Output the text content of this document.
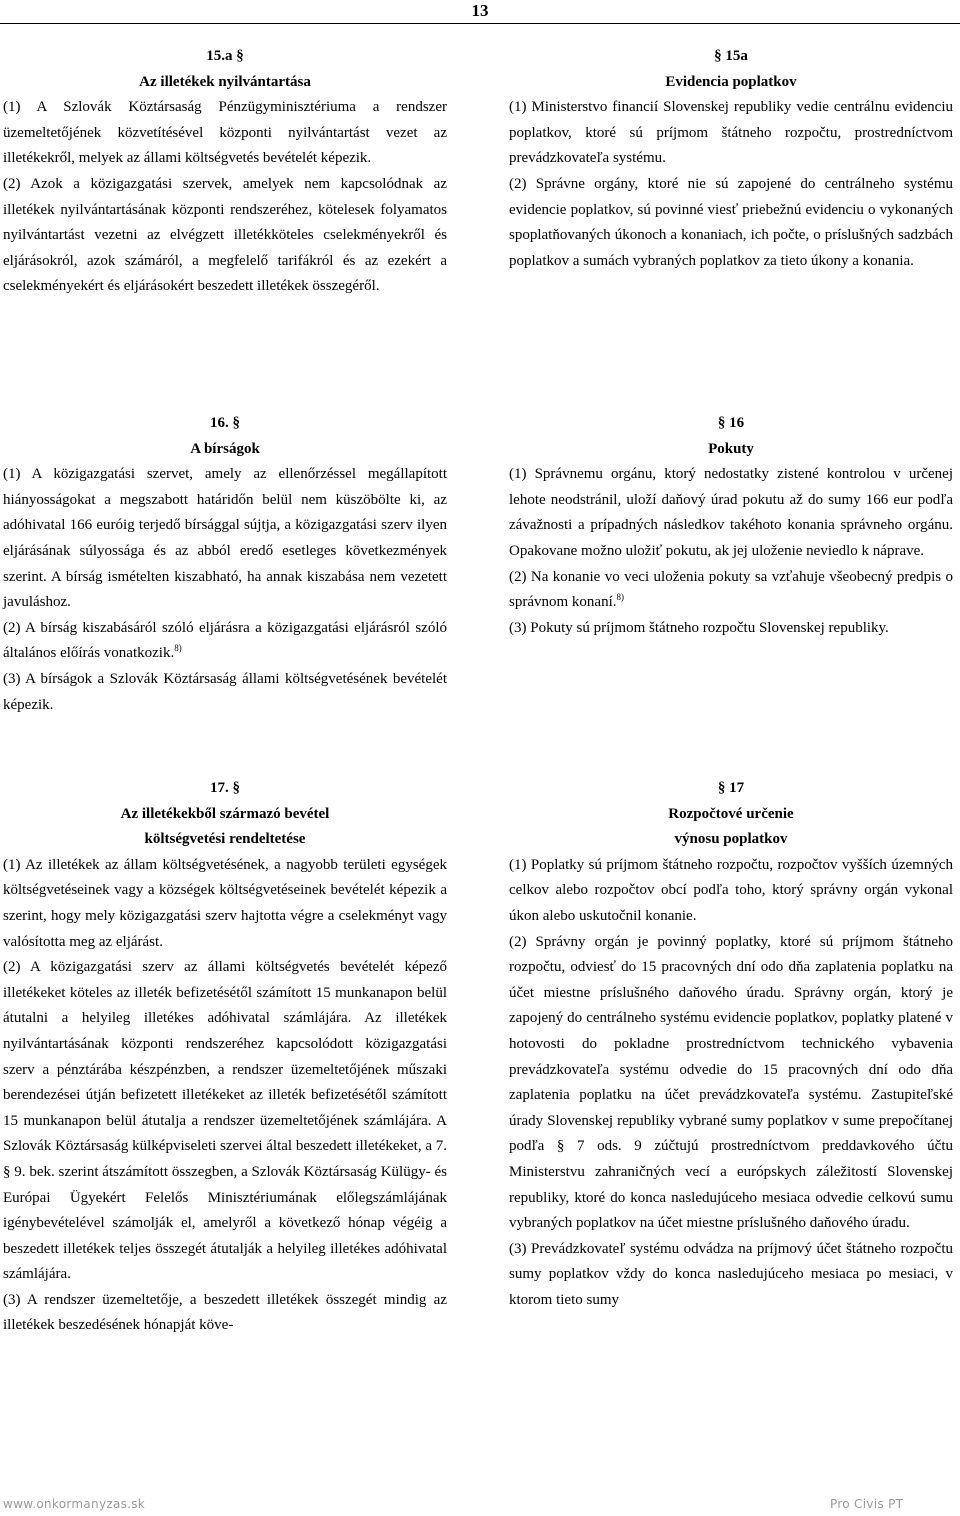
13
15.a §
Az illetékek nyilvántartása

(1) A Szlovák Köztársaság Pénzügyminisztériuma a rendszer üzemeltetőjének közvetítésével központi nyilvántartást vezet az illetékekről, melyek az állami költségvetés bevételét képezik.

(2) Azok a közigazgatási szervek, amelyek nem kapcsolódnak az illetékek nyilvántartásának központi rendszeréhez, kötelesek folyamatos nyilvántartást vezetni az elvégzett illetékköteles cselekményekről és eljárásokról, azok számáról, a megfelelő tarifákról és az ezekért a cselekményekért és eljárásokért beszedett illetékek összegéről.

§ 15a
Evidencia poplatkov

(1) Ministerstvo financií Slovenskej republiky vedie centrálnu evidenciu poplatkov, ktoré sú príjmom štátneho rozpočtu, prostredníctvom prevádzkovateľa systému.

(2) Správne orgány, ktoré nie sú zapojené do centrálneho systému evidencie poplatkov, sú povinné viesť priebežnú evidenciu o vykonaných spoplatňovaných úkonoch a konaniach, ich počte, o príslušných sadzbách poplatkov a sumách vybraných poplatkov za tieto úkony a konania.

16. §
A bírságok

(1) A közigazgatási szervet, amely az ellenőrzéssel megállapított hiányosságokat a megszabott határidőn belül nem küszöbölte ki, az adóhivatal 166 euróig terjedő bírsággal sújtja, a közigazgatási szerv ilyen eljárásának súlyossága és az abból eredő esetleges következmények szerint. A bírság ismételten kiszabható, ha annak kiszabása nem vezetett javuláshoz.

(2) A bírság kiszabásáról szóló eljárásra a közigazgatási eljárásról szóló általános előírás vonatkozik.$^{8)}$

(3) A bírságok a Szlovák Köztársaság állami költségvetésének bevételét képezik.

§ 16
Pokuty

(1) Správnemu orgánu, ktorý nedostatky zistené kontrolou v určenej lehote neodstránil, uloží daňový úrad pokutu až do sumy 166 eur podľa závažnosti a prípadných následkov takéhoto konania správneho orgánu. Opakovane možno uložiť pokutu, ak jej uloženie neviedlo k náprave.

(2) Na konanie vo veci uloženia pokuty sa vzťahuje všeobecný predpis o správnom konaní.$^{8)}$

(3) Pokuty sú príjmom štátneho rozpočtu Slovenskej republiky.

17. §
Az illetékekből származó bevétel
költségvetési rendeltetése

(1) Az illetékek az állam költségvetésének, a nagyobb területi egységek költségvetéseinek vagy a községek költségvetéseinek bevételét képezik a szerint, hogy mely közigazgatási szerv hajtotta végre a cselekményt vagy valósította meg az eljárást.

(2) A közigazgatási szerv az állami költségvetés bevételét képező illetékeket köteles az illeték befizetésétől számított 15 munkanapon belül átutalni a helyileg illetékes adóhivatal számlájára. Az illetékek nyilvántartásának központi rendszeréhez kapcsolódott közigazgatási szerv a pénztárába készpénzben, a rendszer üzemeltetőjének műszaki berendezései útján befizetett illetékeket az illeték befizetésétől számított 15 munkanapon belül átutalja a rendszer üzemeltetőjének számlájára. A Szlovák Köztársaság külképviseleti szervei által beszedett illetékeket, a 7. § 9. bek. szerint átszámított összegben, a Szlovák Köztársaság Külügy- és Európai Ügyekért Felelős Minisztériumának előlegszámlájának igénybevételével számolják el, amelyről a következő hónap végéig a beszedett illetékek teljes összegét átutalják a helyileg illetékes adóhivatal számlájára.

(3) A rendszer üzemeltetője, a beszedett illetékek összegét mindig az illetékek beszedésének hónapját köve-

§ 17
Rozpočtové určenie
výnosu poplatkov

(1) Poplatky sú príjmom štátneho rozpočtu, rozpočtov vyšších územných celkov alebo rozpočtov obcí podľa toho, ktorý správny orgán vykonal úkon alebo uskutočnil konanie.

(2) Správny orgán je povinný poplatky, ktoré sú príjmom štátneho rozpočtu, odviesť do 15 pracovných dní odo dňa zaplatenia poplatku na účet miestne príslušného daňového úradu. Správny orgán, ktorý je zapojený do centrálneho systému evidencie poplatkov, poplatky platené v hotovosti do pokladne prostredníctvom technického vybavenia prevádzkovateľa systému odvedie do 15 pracovných dní odo dňa zaplatenia poplatku na účet prevádzkovateľa systému. Zastupiteľské úrady Slovenskej republiky vybrané sumy poplatkov v sume prepočítanej podľa § 7 ods. 9 zúčtujú prostredníctvom preddavkového účtu Ministerstvu zahraničných vecí a európskych záležitostí Slovenskej republiky, ktoré do konca nasledujúceho mesiaca odvedie celkovú sumu vybraných poplatkov na účet miestne príslušného daňového úradu.

(3) Prevádzkovateľ systému odvádza na príjmový účet štátneho rozpočtu sumy poplatkov vždy do konca nasledujúceho mesiaca po mesiaci, v ktorom tieto sumy

www.onkormanyzas.sk	Pro Civis PT
